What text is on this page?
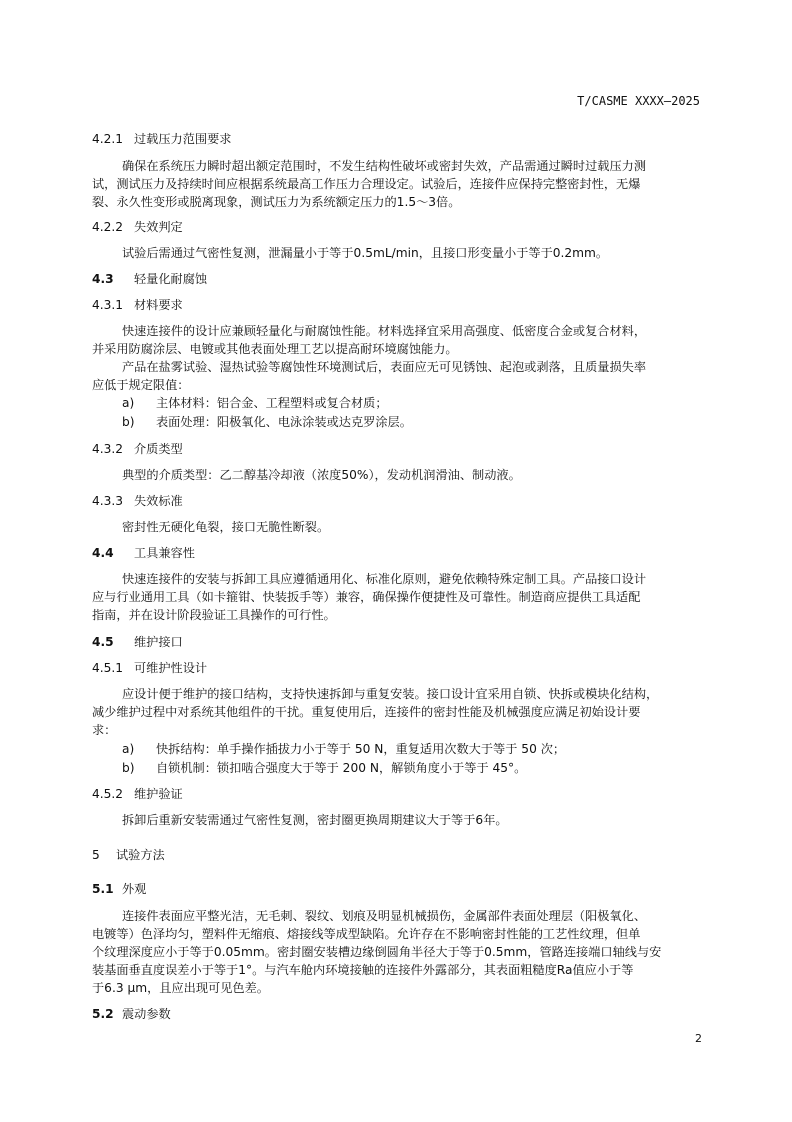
T/CASME XXXX—2025
4.2.1 过载压力范围要求
确保在系统压力瞬时超出额定范围时，不发生结构性破坏或密封失效，产品需通过瞬时过载压力测
试，测试压力及持续时间应根据系统最高工作压力合理设定。试验后，连接件应保持完整密封性，无爆
裂、永久性变形或脱离现象，测试压力为系统额定压力的1.5～3倍。
4.2.2 失效判定
试验后需通过气密性复测，泄漏量小于等于0.5mL/min，且接口形变量小于等于0.2mm。
4.3 轻量化耐腐蚀
4.3.1 材料要求
快速连接件的设计应兼顾轻量化与耐腐蚀性能。材料选择宜采用高强度、低密度合金或复合材料，
并采用防腐涂层、电镀或其他表面处理工艺以提高耐环境腐蚀能力。
产品在盐雾试验、湿热试验等腐蚀性环境测试后，表面应无可见锈蚀、起泡或剥落，且质量损失率
应低于规定限值：
a) 主体材料：铝合金、工程塑料或复合材质；
b) 表面处理：阳极氧化、电泳涂装或达克罗涂层。
4.3.2 介质类型
典型的介质类型：乙二醇基冷却液（浓度50%），发动机润滑油、制动液。
4.3.3 失效标准
密封性无硬化龟裂，接口无脆性断裂。
4.4 工具兼容性
快速连接件的安装与拆卸工具应遵循通用化、标准化原则，避免依赖特殊定制工具。产品接口设计
应与行业通用工具（如卡箍钳、快装扳手等）兼容，确保操作便捷性及可靠性。制造商应提供工具适配
指南，并在设计阶段验证工具操作的可行性。
4.5 维护接口
4.5.1 可维护性设计
应设计便于维护的接口结构，支持快速拆卸与重复安装。接口设计宜采用自锁、快拆或模块化结构，
减少维护过程中对系统其他组件的干扰。重复使用后，连接件的密封性能及机械强度应满足初始设计要
求：
a) 快拆结构：单手操作插拔力小于等于 50 N，重复适用次数大于等于 50 次；
b) 自锁机制：锁扣啮合强度大于等于 200 N，解锁角度小于等于 45°。
4.5.2 维护验证
拆卸后重新安装需通过气密性复测，密封圈更换周期建议大于等于6年。
5 试验方法
5.1 外观
连接件表面应平整光洁，无毛刺、裂纹、划痕及明显机械损伤，金属部件表面处理层（阳极氧化、
电镀等）色泽均匀，塑料件无缩痕、熔接线等成型缺陷。允许存在不影响密封性能的工艺性纹理，但单
个纹理深度应小于等于0.05mm。密封圈安装槽边缘倒圆角半径大于等于0.5mm，管路连接端口轴线与安
装基面垂直度误差小于等于1°。与汽车舱内环境接触的连接件外露部分，其表面粗糙度Ra值应小于等
于6.3 μm，且应出现可见色差。
5.2 震动参数
2
